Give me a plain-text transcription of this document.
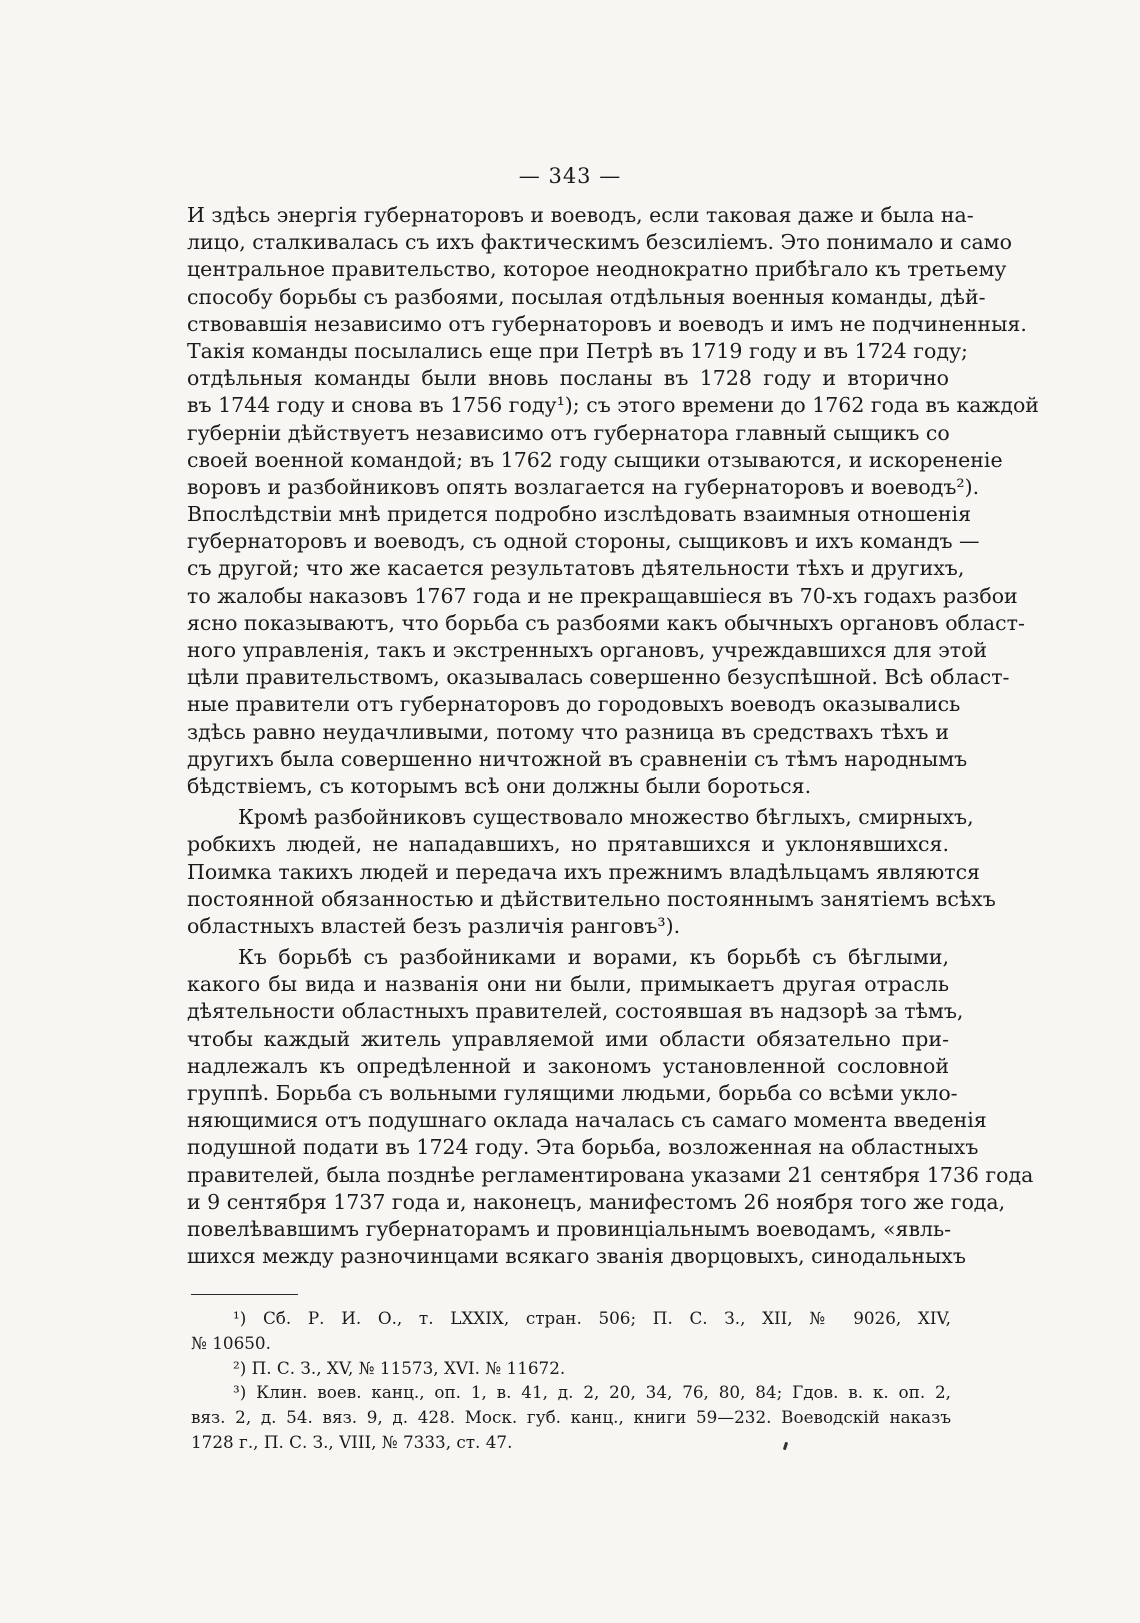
— 343 —
И здѣсь энергія губернаторовъ и воеводъ, если таковая даже и была на-
лицо, сталкивалась съ ихъ фактическимъ безсиліемъ. Это понимало и само
центральное правительство, которое неоднократно прибѣгало къ третьему
способу борьбы съ разбоями, посылая отдѣльныя военныя команды, дѣй-
ствовавшія независимо отъ губернаторовъ и воеводъ и имъ не подчиненныя.
Такія команды посылались еще при Петрѣ въ 1719 году и въ 1724 году;
отдѣльныя команды были вновь посланы въ 1728 году и вторично
въ 1744 году и снова въ 1756 году¹); съ этого времени до 1762 года въ каждой
губерніи дѣйствуетъ независимо отъ губернатора главный сыщикъ со
своей военной командой; въ 1762 году сыщики отзываются, и искорененіе
воровъ и разбойниковъ опять возлагается на губернаторовъ и воеводъ²).
Впослѣдствіи мнѣ придется подробно изслѣдовать взаимныя отношенія
губернаторовъ и воеводъ, съ одной стороны, сыщиковъ и ихъ командъ —
съ другой; что же касается результатовъ дѣятельности тѣхъ и другихъ,
то жалобы наказовъ 1767 года и не прекращавшіеся въ 70-хъ годахъ разбои
ясно показываютъ, что борьба съ разбоями какъ обычныхъ органовъ област-
ного управленія, такъ и экстренныхъ органовъ, учреждавшихся для этой
цѣли правительствомъ, оказывалась совершенно безуспѣшной. Всѣ област-
ные правители отъ губернаторовъ до городовыхъ воеводъ оказывались
здѣсь равно неудачливыми, потому что разница въ средствахъ тѣхъ и
другихъ была совершенно ничтожной въ сравненіи съ тѣмъ народнымъ
бѣдствіемъ, съ которымъ всѣ они должны были бороться.
Кромѣ разбойниковъ существовало множество бѣглыхъ, смирныхъ,
робкихъ людей, не нападавшихъ, но прятавшихся и уклонявшихся.
Поимка такихъ людей и передача ихъ прежнимъ владѣльцамъ являются
постоянной обязанностью и дѣйствительно постояннымъ занятіемъ всѣхъ
областныхъ властей безъ различія ранговъ³).
Къ борьбѣ съ разбойниками и ворами, къ борьбѣ съ бѣглыми,
какого бы вида и названія они ни были, примыкаетъ другая отрасль
дѣятельности областныхъ правителей, состоявшая въ надзорѣ за тѣмъ,
чтобы каждый житель управляемой ими области обязательно при-
надлежалъ къ опредѣленной и закономъ установленной сословной
группѣ. Борьба съ вольными гулящими людьми, борьба со всѣми укло-
няющимися отъ подушнаго оклада началась съ самаго момента введенія
подушной подати въ 1724 году. Эта борьба, возложенная на областныхъ
правителей, была позднѣе регламентирована указами 21 сентября 1736 года
и 9 сентября 1737 года и, наконецъ, манифестомъ 26 ноября того же года,
повелѣвавшимъ губернаторамъ и провинціальнымъ воеводамъ, «явль-
шихся между разночинцами всякаго званія дворцовыхъ, синодальныхъ
¹) Сб. Р. И. О., т. LXXIX, стран. 506; П. С. З., XII, № 9026, XIV,
№ 10650.
²) П. С. З., XV, № 11573, XVI. № 11672.
³) Клин. воев. канц., оп. 1, в. 41, д. 2, 20, 34, 76, 80, 84; Гдов. в. к. оп. 2,
вяз. 2, д. 54. вяз. 9, д. 428. Моск. губ. канц., книги 59—232. Воеводскій наказъ
1728 г., П. С. З., VIII, № 7333, ст. 47.
